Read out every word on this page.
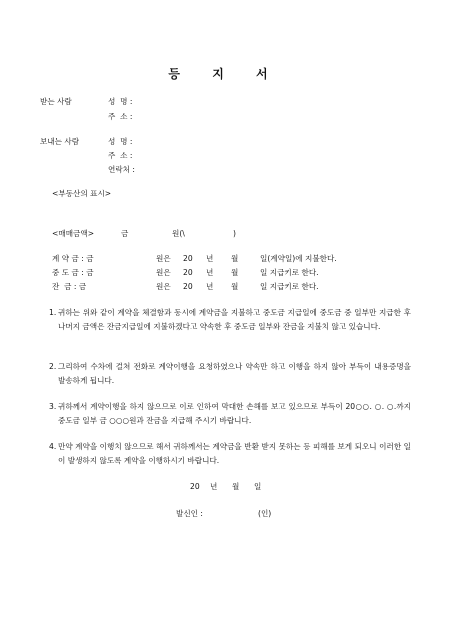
등 지 서
받는 사람	성  명 :
주  소 :
보내는 사람	성  명 :
주  소 :
연락처 :
<부동산의 표시>
<매매금액>	금	원(\	)
계 약 금 : 금	원은 20 년 월	일(계약일)에 지불한다.
중 도 금 : 금	원은 20 년 월	일 지급키로 한다.
잔  금 : 금	원은 20 년 월	일 지급키로 한다.
1. 귀하는 위와 같이 계약을 체결함과 동시에 계약금을 지불하고 중도금 지급일에 중도금 중 일부만 지급한 후 나머지 금액은 잔금지급일에 지불하겠다고 약속한 후 중도금 일부와 잔금을 지불치 않고 있습니다.
2. 그리하여 수차에 걸쳐 전화로 계약이행을 요청하였으나 약속만 하고 이행을 하지 않아 부득이 내용증명을 발송하게 됩니다.
3. 귀하께서 계약이행을 하지 않으므로 이로 인하여 막대한 손해를 보고 있으므로 부득이 20○○. ○. ○.까지 중도금 일부 금 ○○○원과 잔금을 지급해 주시기 바랍니다.
4. 만약 계약을 이행치 않으므로 해서 귀하께서는 계약금을 반환 받지 못하는 등 피해를 보게 되오니 이러한 일이 발생하지 않도록 계약을 이행하시기 바랍니다.
20 년 월 일
발신인 :	(인)
